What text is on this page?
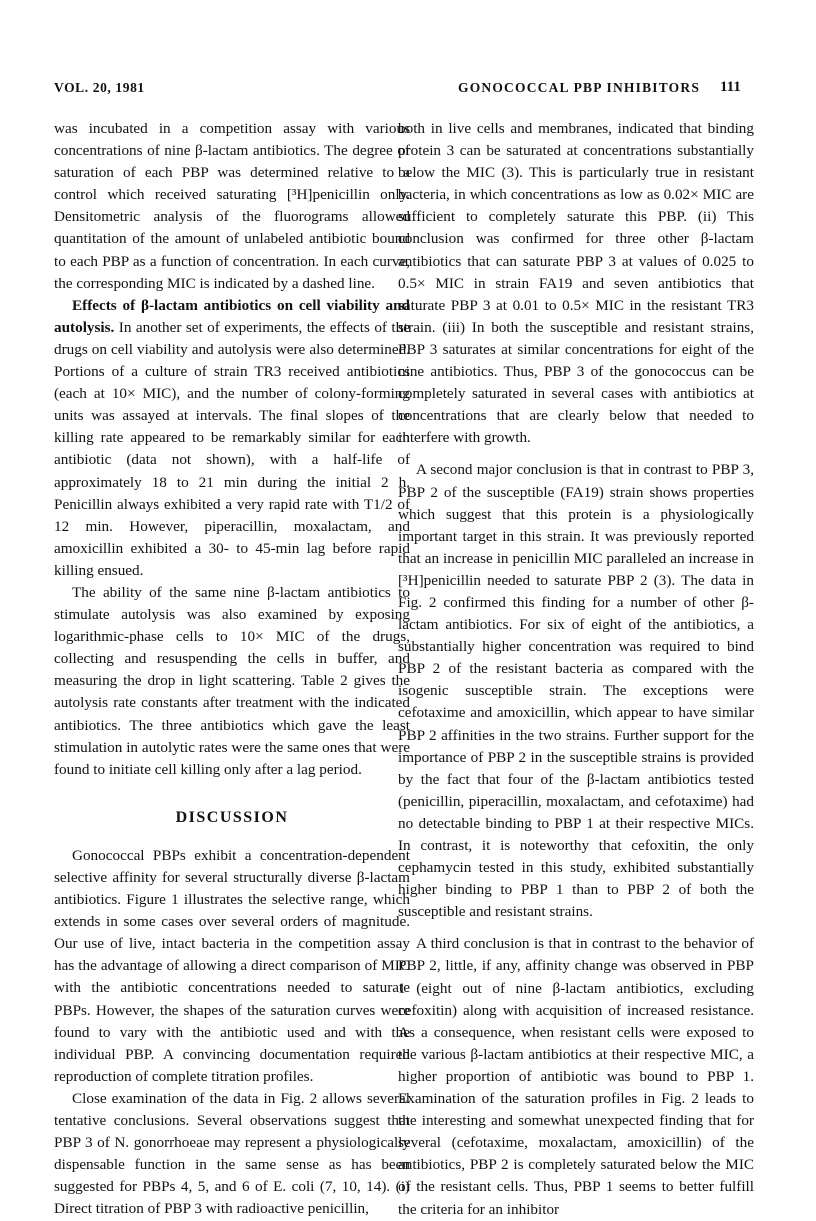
VOL. 20, 1981	GONOCOCCAL PBP INHIBITORS 111

was incubated in a competition assay with various concentrations of nine β-lactam antibiotics. The degree of saturation of each PBP was determined relative to a control which received saturating [³H]penicillin only. Densitometric analysis of the fluorograms allowed quantitation of the amount of unlabeled antibiotic bound to each PBP as a function of concentration. In each curve, the corresponding MIC is indicated by a dashed line.

Effects of β-lactam antibiotics on cell viability and autolysis. In another set of experiments, the effects of the drugs on cell viability and autolysis were also determined. Portions of a culture of strain TR3 received antibiotics (each at 10× MIC), and the number of colony-forming units was assayed at intervals. The final slopes of the killing rate appeared to be remarkably similar for each antibiotic (data not shown), with a half-life of approximately 18 to 21 min during the initial 2 h. Penicillin always exhibited a very rapid rate with T1/2 of 12 min. However, piperacillin, moxalactam, and amoxicillin exhibited a 30- to 45-min lag before rapid killing ensued.

The ability of the same nine β-lactam antibiotics to stimulate autolysis was also examined by exposing logarithmic-phase cells to 10× MIC of the drugs, collecting and resuspending the cells in buffer, and measuring the drop in light scattering. Table 2 gives the autolysis rate constants after treatment with the indicated antibiotics. The three antibiotics which gave the least stimulation in autolytic rates were the same ones that were found to initiate cell killing only after a lag period.

DISCUSSION

Gonococcal PBPs exhibit a concentration-dependent selective affinity for several structurally diverse β-lactam antibiotics. Figure 1 illustrates the selective range, which extends in some cases over several orders of magnitude. Our use of live, intact bacteria in the competition assay has the advantage of allowing a direct comparison of MIC with the antibiotic concentrations needed to saturate PBPs. However, the shapes of the saturation curves were found to vary with the antibiotic used and with the individual PBP. A convincing documentation required reproduction of complete titration profiles.

Close examination of the data in Fig. 2 allows several tentative conclusions. Several observations suggest that PBP 3 of N. gonorrhoeae may represent a physiologically dispensable function in the same sense as has been suggested for PBPs 4, 5, and 6 of E. coli (7, 10, 14). (i) Direct titration of PBP 3 with radioactive penicillin,

both in live cells and membranes, indicated that binding protein 3 can be saturated at concentrations substantially below the MIC (3). This is particularly true in resistant bacteria, in which concentrations as low as 0.02× MIC are sufficient to completely saturate this PBP. (ii) This conclusion was confirmed for three other β-lactam antibiotics that can saturate PBP 3 at values of 0.025 to 0.5× MIC in strain FA19 and seven antibiotics that saturate PBP 3 at 0.01 to 0.5× MIC in the resistant TR3 strain. (iii) In both the susceptible and resistant strains, PBP 3 saturates at similar concentrations for eight of the nine antibiotics. Thus, PBP 3 of the gonococcus can be completely saturated in several cases with antibiotics at concentrations that are clearly below that needed to interfere with growth.

A second major conclusion is that in contrast to PBP 3, PBP 2 of the susceptible (FA19) strain shows properties which suggest that this protein is a physiologically important target in this strain. It was previously reported that an increase in penicillin MIC paralleled an increase in [³H]penicillin needed to saturate PBP 2 (3). The data in Fig. 2 confirmed this finding for a number of other β-lactam antibiotics. For six of eight of the antibiotics, a substantially higher concentration was required to bind PBP 2 of the resistant bacteria as compared with the isogenic susceptible strain. The exceptions were cefotaxime and amoxicillin, which appear to have similar PBP 2 affinities in the two strains. Further support for the importance of PBP 2 in the susceptible strains is provided by the fact that four of the β-lactam antibiotics tested (penicillin, piperacillin, moxalactam, and cefotaxime) had no detectable binding to PBP 1 at their respective MICs. In contrast, it is noteworthy that cefoxitin, the only cephamycin tested in this study, exhibited substantially higher binding to PBP 1 than to PBP 2 of both the susceptible and resistant strains.

A third conclusion is that in contrast to the behavior of PBP 2, little, if any, affinity change was observed in PBP 1 (eight out of nine β-lactam antibiotics, excluding cefoxitin) along with acquisition of increased resistance. As a consequence, when resistant cells were exposed to the various β-lactam antibiotics at their respective MIC, a higher proportion of antibiotic was bound to PBP 1. Examination of the saturation profiles in Fig. 2 leads to the interesting and somewhat unexpected finding that for several (cefotaxime, moxalactam, amoxicillin) of the antibiotics, PBP 2 is completely saturated below the MIC of the resistant cells. Thus, PBP 1 seems to better fulfill the criteria for an inhibitor
